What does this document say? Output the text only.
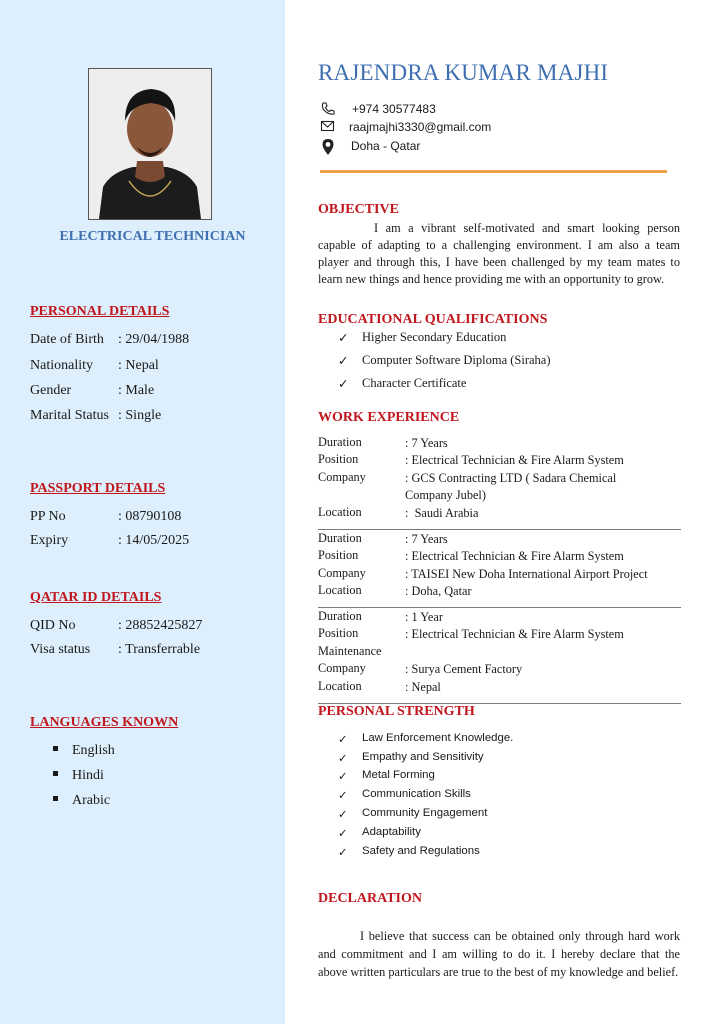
ELECTRICAL TECHNICIAN
PERSONAL DETAILS
Date of Birth : 29/04/1988
Nationality : Nepal
Gender	: Male
Marital Status : Single
PASSPORT DETAILS
PP No	: 08790108
Expiry	: 14/05/2025
QATAR ID DETAILS
QID No	: 28852425827
Visa status : Transferrable
LANGUAGES KNOWN
English
Hindi
Arabic
RAJENDRA KUMAR MAJHI
+974 30577483
raajmajhi3330@gmail.com
Doha - Qatar
OBJECTIVE
I am a vibrant self-motivated and smart looking person capable of adapting to a challenging environment. I am also a team player and through this, I have been challenged by my team mates to learn new things and hence providing me with an opportunity to grow.
EDUCATIONAL QUALIFICATIONS
✓ Higher Secondary Education
✓ Computer Software Diploma (Siraha)
✓ Character Certificate
WORK EXPERIENCE
Duration	: 7 Years
Position	: Electrical Technician & Fire Alarm System
Company	: GCS Contracting LTD ( Sadara Chemical Company Jubel)
Location	:  Saudi Arabia
Duration	: 7 Years
Position	: Electrical Technician & Fire Alarm System
Company	: TAISEI New Doha International Airport Project
Location	: Doha, Qatar
Duration	: 1 Year
Position	: Electrical Technician & Fire Alarm System
Maintenance
Company	: Surya Cement Factory
Location	: Nepal
PERSONAL STRENGTH
✓ Law Enforcement Knowledge.
✓ Empathy and Sensitivity
✓ Metal Forming
✓ Communication Skills
✓ Community Engagement
✓ Adaptability
✓ Safety and Regulations
DECLARATION
I believe that success can be obtained only through hard work and commitment and I am willing to do it. I hereby declare that the above written particulars are true to the best of my knowledge and belief.
